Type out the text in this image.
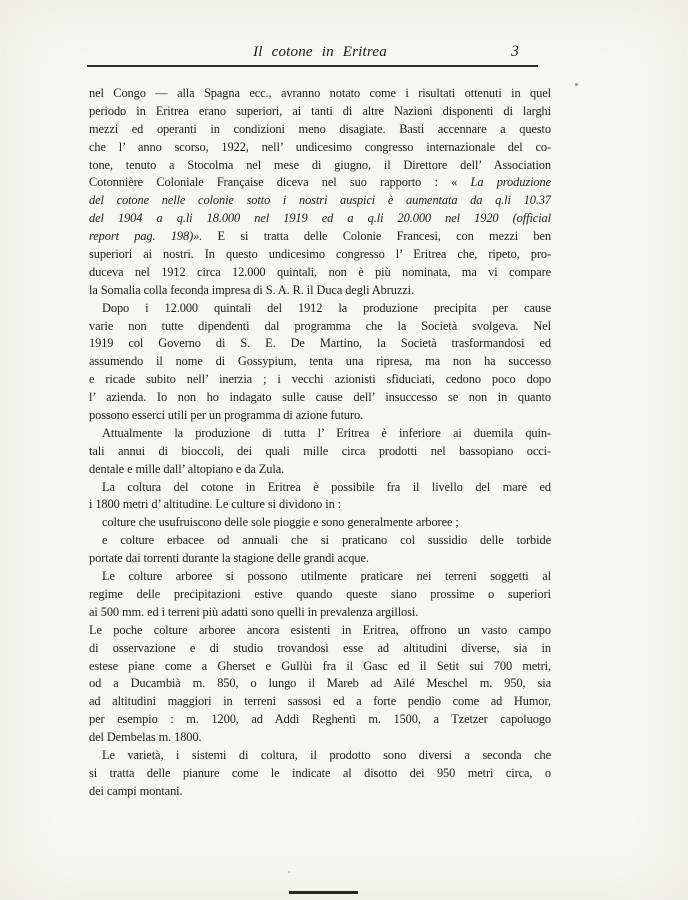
Il cotone in Eritrea	3
nel Congo — alla Spagna ecc., avranno notato come i risultati ottenuti in quel
periodo in Eritrea erano superiori, ai tanti di altre Nazioni disponenti di larghi
mezzi ed operanti in condizioni meno disagiate. Basti accennare a questo
che l’ anno scorso, 1922, nell’ undicesimo congresso internazionale del co-
tone, tenuto a Stocolma nel mese di giugno, il Direttore dell’ Association
Cotonnière Coloniale Française diceva nel suo rapporto : « La produzione
del cotone nelle colonie sotto i nostri auspici è aumentata da q.li 10.37
del 1904 a q.li 18.000 nel 1919 ed a q.li 20.000 nel 1920 (official
report pag. 198)». E si tratta delle Colonie Francesi, con mezzi ben
superiori ai nostri. In questo undicesimo congresso l’ Eritrea che, ripeto, pro-
duceva nel 1912 circa 12.000 quintali, non è più nominata, ma vi compare
la Somalia colla feconda impresa di S. A. R. il Duca degli Abruzzi.
Dopo i 12.000 quintali del 1912 la produzione precipita per cause
varie non tutte dipendenti dal programma che la Società svolgeva. Nel
1919 col Governo di S. E. De Martino, la Società trasformandosi ed
assumendo il nome di Gossypium, tenta una ripresa, ma non ha successo
e ricade subito nell’ inerzia ; i vecchi azionisti sfiduciati, cedono poco dopo
l’ azienda. Io non ho indagato sulle cause dell’ insuccesso se non in quanto
possono esserci utili per un programma di azione futuro.
Attualmente la produzione di tutta l’ Eritrea è inferiore ai duemila quin-
tali annui di bioccoli, dei quali mille circa prodotti nel bassopiano occi-
dentale e mille dall’ altopiano e da Zula.
La coltura del cotone in Eritrea è possibile fra il livello del mare ed
i 1800 metri d’ altitudine. Le culture si dividono in :
colture che usufruiscono delle sole pioggie e sono generalmente arboree ;
e colture erbacee od annuali che si praticano col sussidio delle torbide
portate dai torrenti durante la stagione delle grandi acque.
Le colture arboree si possono utilmente praticare nei terreni soggetti al
regime delle precipitazioni estive quando queste siano prossime o superiori
ai 500 mm. ed i terreni più adatti sono quelli in prevalenza argillosi.
Le poche colture arboree ancora esistenti in Eritrea, offrono un vasto campo
di osservazione e di studio trovandosi esse ad altitudini diverse, sia in
estese piane come a Gherset e Gullùi fra il Gasc ed il Setit sui 700 metri,
od a Ducambià m. 850, o lungo il Mareb ad Ailé Meschel m. 950, sia
ad altitudini maggiori in terreni sassosi ed a forte pendìo come ad Humor,
per esempio : m. 1200, ad Addì Reghentì m. 1500, a Tzetzer capoluogo
del Dembelas m. 1800.
Le varietà, i sistemi di coltura, il prodotto sono diversi a seconda che
si tratta delle pianure come le indicate al disotto dei 950 metri circa, o
dei campi montani.
